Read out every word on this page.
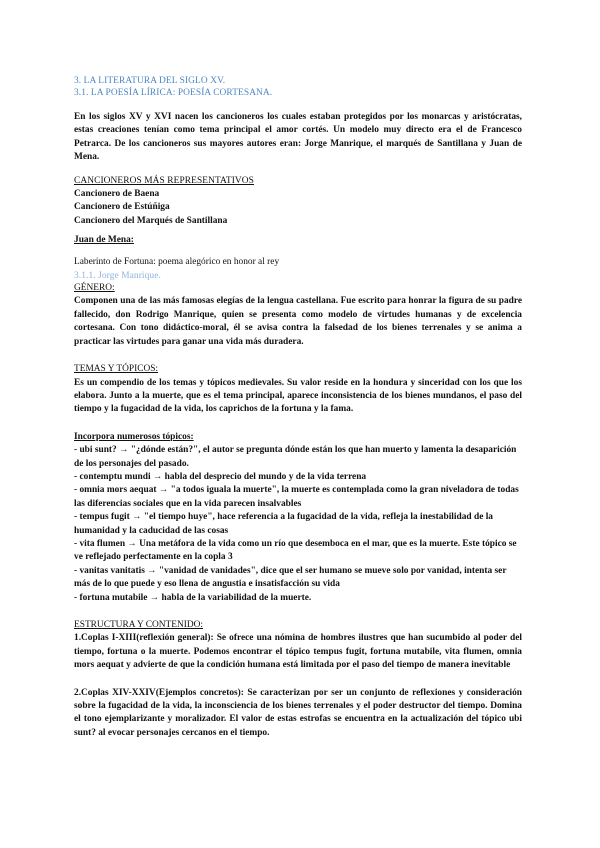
3. LA LITERATURA DEL SIGLO XV.
3.1. LA POESÍA LÍRICA: POESÍA CORTESANA.

En los siglos XV y XVI nacen los cancioneros los cuales estaban protegidos por los monarcas y aristócratas, estas creaciones tenían como tema principal el amor cortés. Un modelo muy directo era el de Francesco Petrarca. De los cancioneros sus mayores autores eran: Jorge Manrique, el marqués de Santillana y Juan de Mena.

CANCIONEROS MÁS REPRESENTATIVOS
Cancionero de Baena
Cancionero de Estúñiga
Cancionero del Marqués de Santillana
Juan de Mena:
Laberinto de Fortuna: poema alegórico en honor al rey
3.1.1. Jorge Manrique.
GÉNERO:

Componen una de las más famosas elegías de la lengua castellana. Fue escrito para honrar la figura de su padre fallecido, don Rodrigo Manrique, quien se presenta como modelo de virtudes humanas y de excelencia cortesana. Con tono didáctico-moral, él se avisa contra la falsedad de los bienes terrenales y se anima a practicar las virtudes para ganar una vida más duradera.

TEMAS Y TÓPICOS:

Es un compendio de los temas y tópicos medievales. Su valor reside en la hondura y sinceridad con los que los elabora. Junto a la muerte, que es el tema principal, aparece inconsistencia de los bienes mundanos, el paso del tiempo y la fugacidad de la vida, los caprichos de la fortuna y la fama.

Incorpora numerosos tópicos:
- ubi sunt? → "¿dónde están?", el autor se pregunta dónde están los que han muerto y lamenta la desaparición de los personajes del pasado.
- contemptu mundi → habla del desprecio del mundo y de la vida terrena
- omnia mors aequat → "a todos iguala la muerte", la muerte es contemplada como la gran niveladora de todas las diferencias sociales que en la vida parecen insalvables
- tempus fugit → "el tiempo huye", hace referencia a la fugacidad de la vida, refleja la inestabilidad de la humanidad y la caducidad de las cosas
- vita flumen → Una metáfora de la vida como un río que desemboca en el mar, que es la muerte. Este tópico se ve reflejado perfectamente en la copla 3
- vanitas vanitatis → "vanidad de vanidades", dice que el ser humano se mueve solo por vanidad, intenta ser más de lo que puede y eso llena de angustia e insatisfacción su vida
- fortuna mutabile → habla de la variabilidad de la muerte.
ESTRUCTURA Y CONTENIDO:

1.Coplas I-XIII(reflexión general): Se ofrece una nómina de hombres ilustres que han sucumbido al poder del tiempo, fortuna o la muerte. Podemos encontrar el tópico tempus fugit, fortuna mutabile, vita flumen, omnia mors aequat y advierte de que la condición humana está limitada por el paso del tiempo de manera inevitable

2.Coplas XIV-XXIV(Ejemplos concretos): Se caracterizan por ser un conjunto de reflexiones y consideración sobre la fugacidad de la vida, la inconsciencia de los bienes terrenales y el poder destructor del tiempo. Domina el tono ejemplarizante y moralizador. El valor de estas estrofas se encuentra en la actualización del tópico ubi sunt? al evocar personajes cercanos en el tiempo.
